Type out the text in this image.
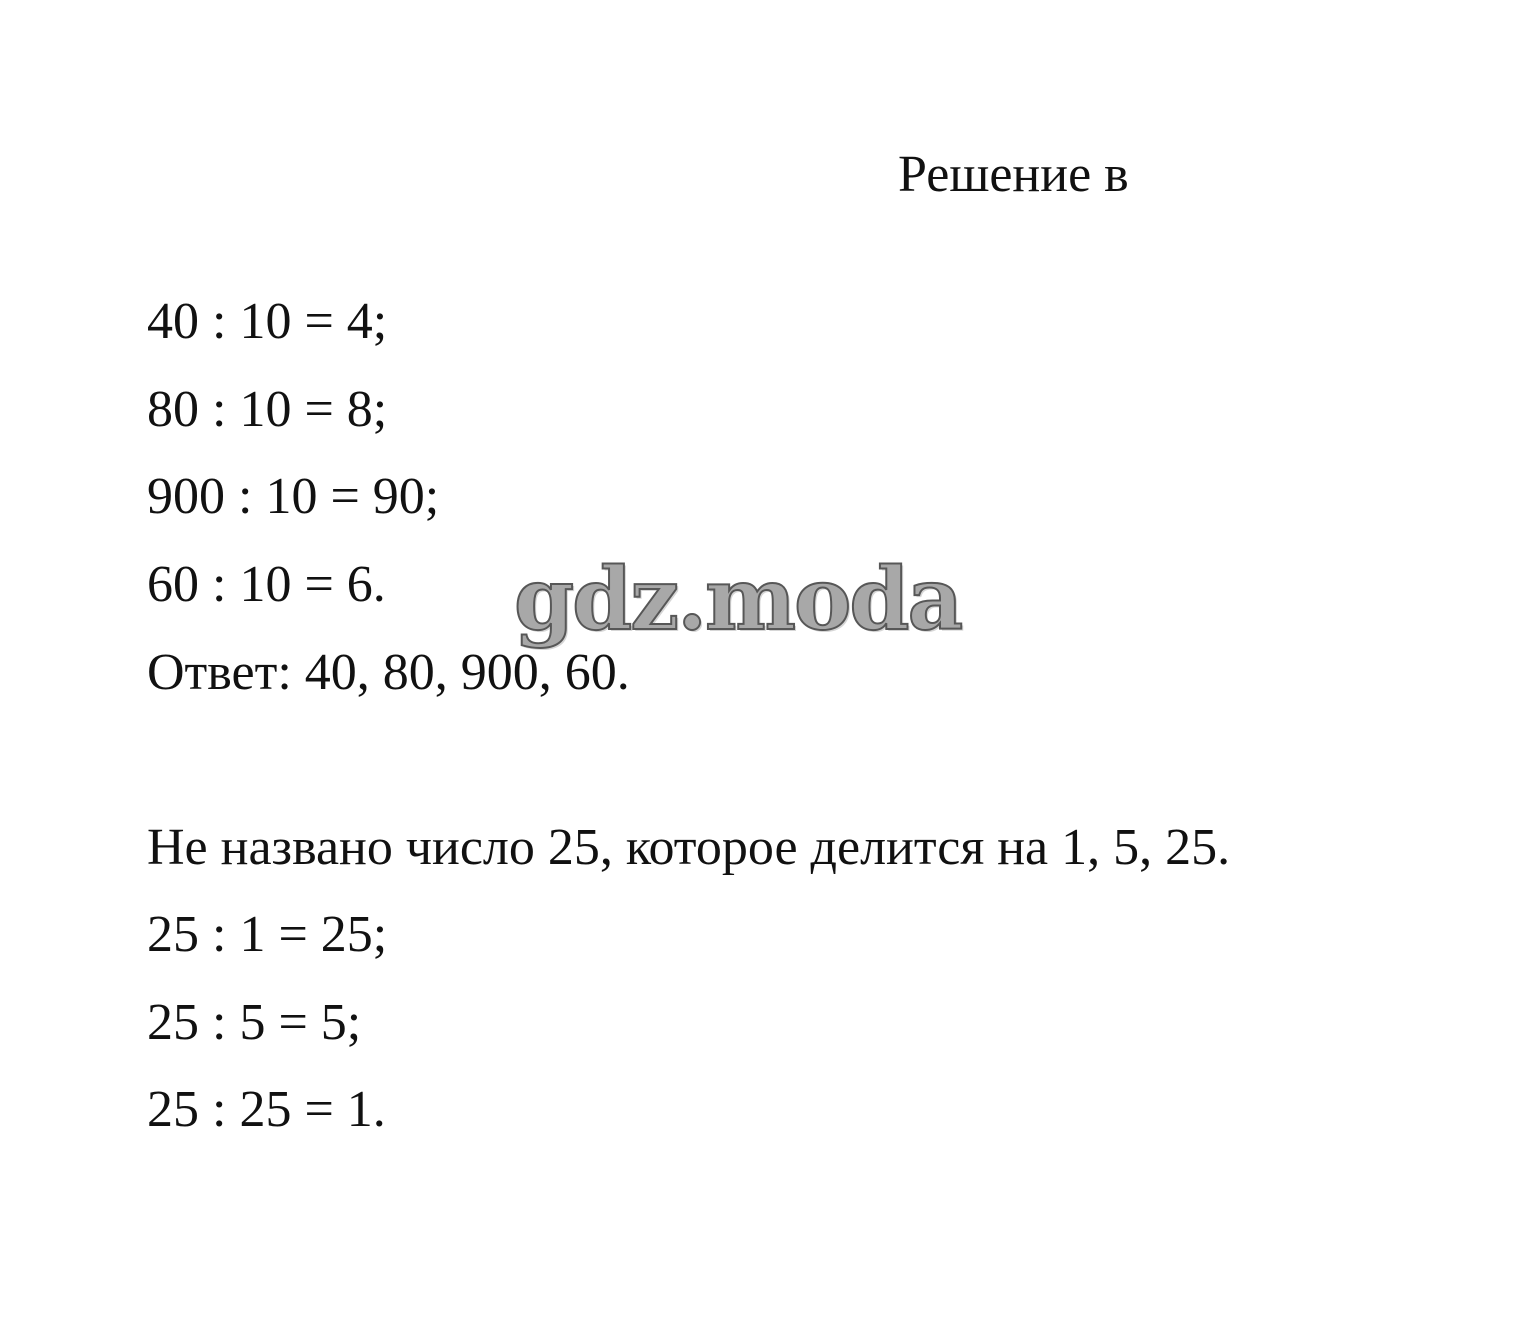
Решение в
40 : 10 = 4;
80 : 10 = 8;
900 : 10 = 90;
60 : 10 = 6.
Ответ: 40, 80, 900, 60.
Не названо число 25, которое делится на 1, 5, 25.
25 : 1 = 25;
25 : 5 = 5;
25 : 25 = 1.
gdz.moda
